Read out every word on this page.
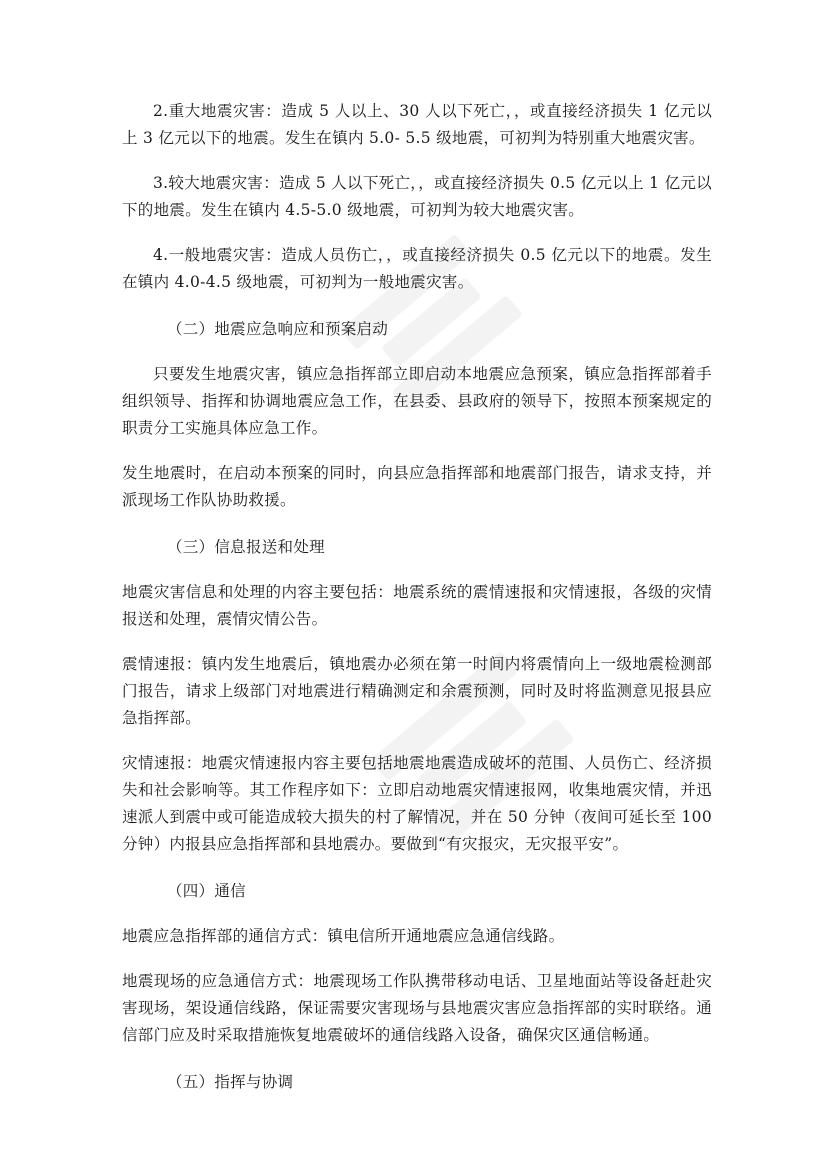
2.重大地震灾害：造成 5 人以上、30 人以下死亡，，或直接经济损失 1 亿元以上 3 亿元以下的地震。发生在镇内 5.0- 5.5 级地震，可初判为特别重大地震灾害。

3.较大地震灾害：造成 5 人以下死亡，，或直接经济损失 0.5 亿元以上 1 亿元以下的地震。发生在镇内 4.5-5.0 级地震，可初判为较大地震灾害。

4.一般地震灾害：造成人员伤亡，，或直接经济损失 0.5 亿元以下的地震。发生在镇内 4.0-4.5 级地震，可初判为一般地震灾害。

（二）地震应急响应和预案启动

只要发生地震灾害，镇应急指挥部立即启动本地震应急预案，镇应急指挥部着手组织领导、指挥和协调地震应急工作，在县委、县政府的领导下，按照本预案规定的职责分工实施具体应急工作。

发生地震时，在启动本预案的同时，向县应急指挥部和地震部门报告，请求支持，并派现场工作队协助救援。

（三）信息报送和处理

地震灾害信息和处理的内容主要包括：地震系统的震情速报和灾情速报，各级的灾情报送和处理，震情灾情公告。

震情速报：镇内发生地震后，镇地震办必须在第一时间内将震情向上一级地震检测部门报告，请求上级部门对地震进行精确测定和余震预测，同时及时将监测意见报县应急指挥部。

灾情速报：地震灾情速报内容主要包括地震地震造成破坏的范围、人员伤亡、经济损失和社会影响等。其工作程序如下：立即启动地震灾情速报网，收集地震灾情，并迅速派人到震中或可能造成较大损失的村了解情况，并在 50 分钟（夜间可延长至 100 分钟）内报县应急指挥部和县地震办。要做到“有灾报灾，无灾报平安”。

（四）通信

地震应急指挥部的通信方式：镇电信所开通地震应急通信线路。

地震现场的应急通信方式：地震现场工作队携带移动电话、卫星地面站等设备赶赴灾害现场，架设通信线路，保证需要灾害现场与县地震灾害应急指挥部的实时联络。通信部门应及时采取措施恢复地震破坏的通信线路入设备，确保灾区通信畅通。

（五）指挥与协调
